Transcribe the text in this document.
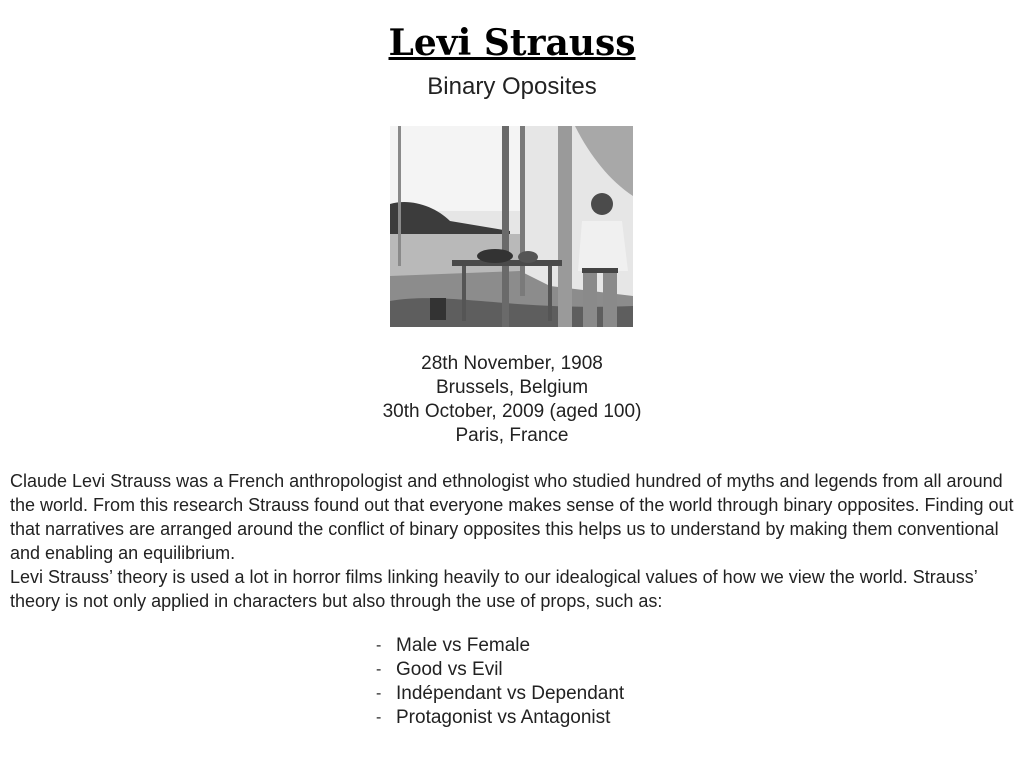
Levi Strauss
Binary Oposites
28th November, 1908
Brussels, Belgium
30th October, 2009 (aged 100)
Paris, France

Claude Levi Strauss was a French anthropologist and ethnologist who studied hundred of myths and legends from all around the world. From this research Strauss found out that everyone makes sense of the world through binary opposites. Finding out that narratives are arranged around the conflict of binary opposites this helps us to understand by making them conventional and enabling an equilibrium.

Levi Strauss’ theory is used a lot in horror films linking heavily to our idealogical values of how we view the world. Strauss’ theory is not only applied in characters but also through the use of props, such as:

- Male vs Female
- Good vs Evil
- Indépendant vs Dependant
- Protagonist vs Antagonist
